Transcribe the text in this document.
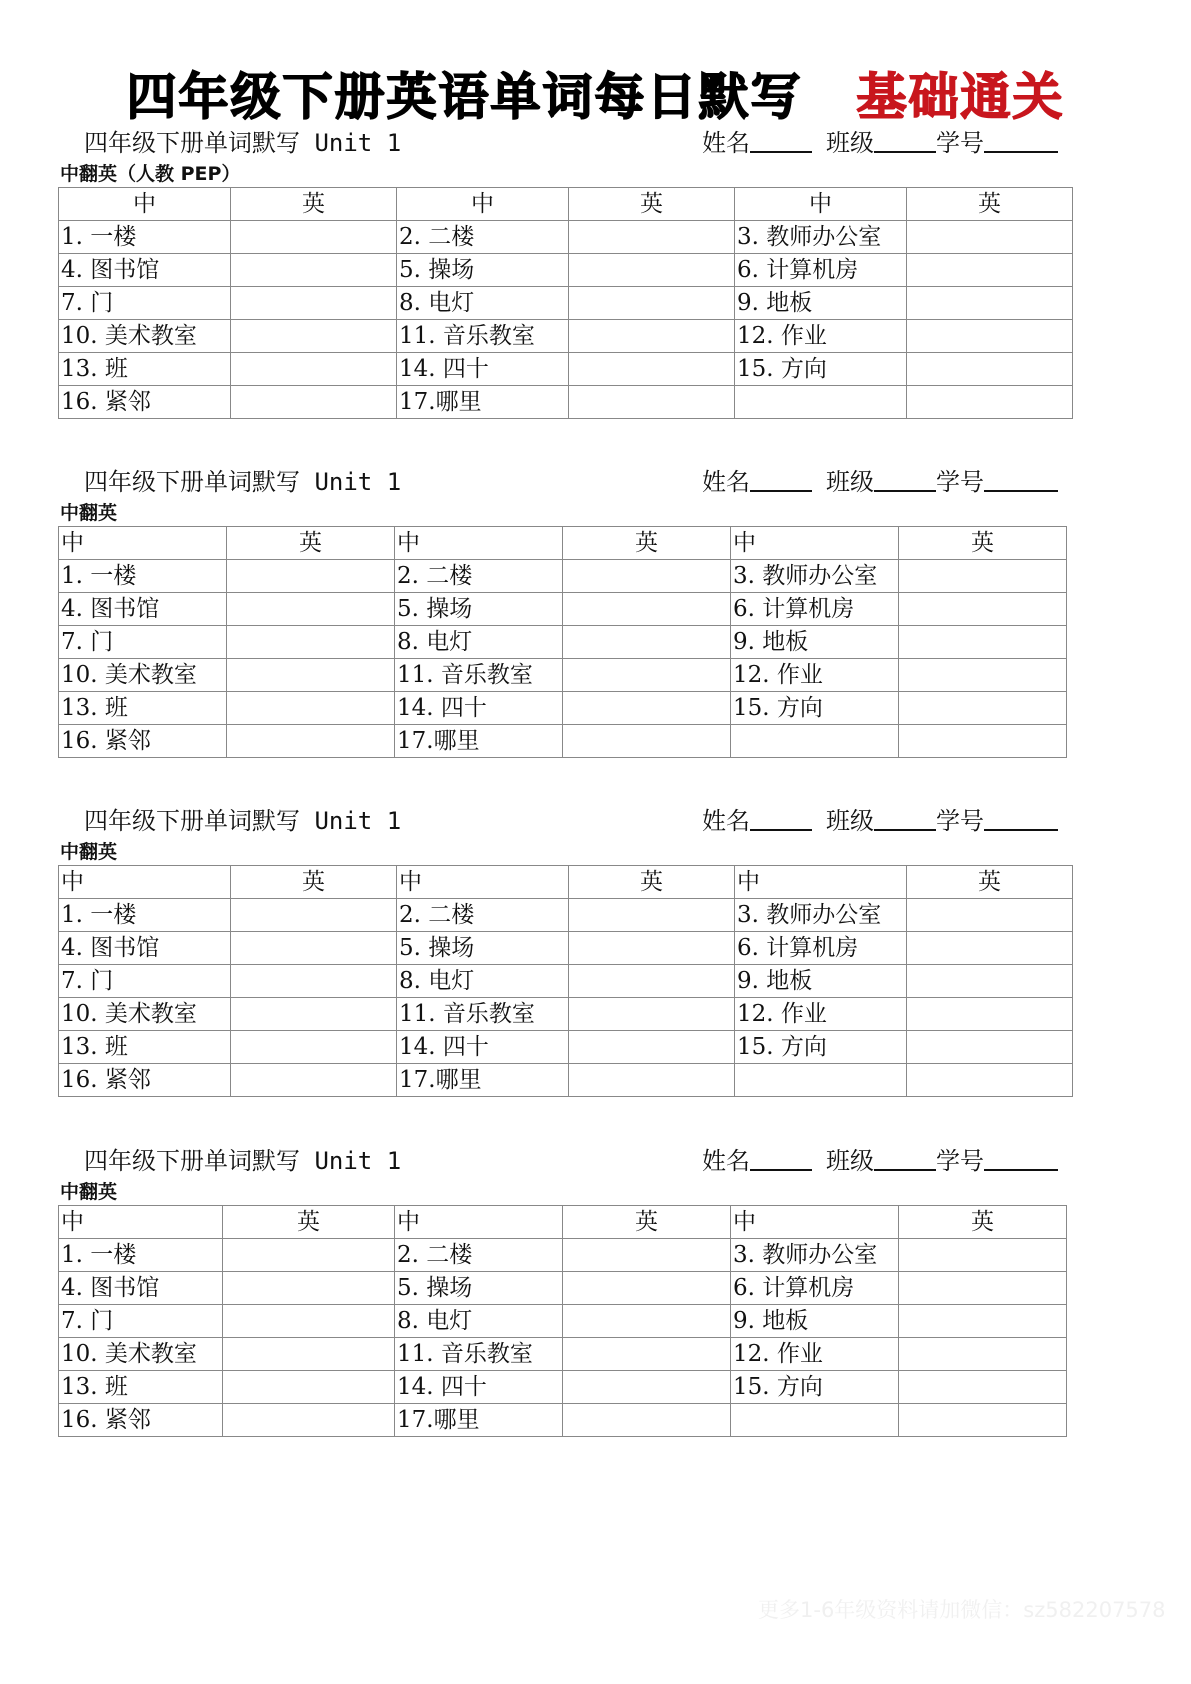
四年级下册英语单词每日默写 基础通关
四年级下册单词默写 Unit 1	姓名	班级	学号
中翻英（人教 PEP）
中	英	中	英	中	英
1. 一楼		2. 二楼		3. 教师办公室	
4. 图书馆		5. 操场		6. 计算机房	
7. 门		8. 电灯		9. 地板	
10. 美术教室		11. 音乐教室		12. 作业	
13. 班		14. 四十		15. 方向	
16. 紧邻		17.哪里			
四年级下册单词默写 Unit 1	姓名	班级	学号
中翻英
中	英	中	英	中	英
1. 一楼		2. 二楼		3. 教师办公室	
4. 图书馆		5. 操场		6. 计算机房	
7. 门		8. 电灯		9. 地板	
10. 美术教室		11. 音乐教室		12. 作业	
13. 班		14. 四十		15. 方向	
16. 紧邻		17.哪里			
四年级下册单词默写 Unit 1	姓名	班级	学号
中翻英
中	英	中	英	中	英
1. 一楼		2. 二楼		3. 教师办公室	
4. 图书馆		5. 操场		6. 计算机房	
7. 门		8. 电灯		9. 地板	
10. 美术教室		11. 音乐教室		12. 作业	
13. 班		14. 四十		15. 方向	
16. 紧邻		17.哪里			
四年级下册单词默写 Unit 1	姓名	班级	学号
中翻英
中	英	中	英	中	英
1. 一楼		2. 二楼		3. 教师办公室	
4. 图书馆		5. 操场		6. 计算机房	
7. 门		8. 电灯		9. 地板	
10. 美术教室		11. 音乐教室		12. 作业	
13. 班		14. 四十		15. 方向	
16. 紧邻		17.哪里			
更多1-6年级资料请加微信：sz582207578
